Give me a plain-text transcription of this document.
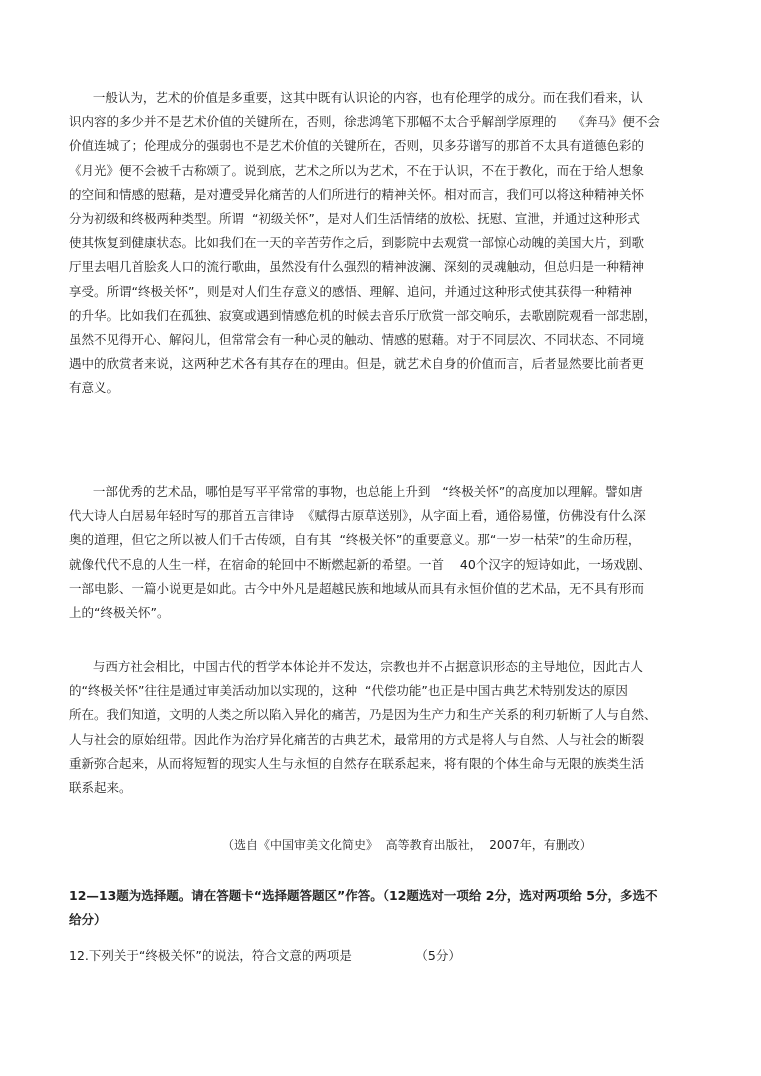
一般认为，艺术的价值是多重要，这其中既有认识论的内容，也有伦理学的成分。而在我们看来，认
识内容的多少并不是艺术价值的关键所在，否则，徐悲鸿笔下那幅不太合乎解剖学原理的    《奔马》便不会
价值连城了；伦理成分的强弱也不是艺术价值的关键所在，否则，贝多芬谱写的那首不太具有道德色彩的
《月光》便不会被千古称颂了。说到底，艺术之所以为艺术，不在于认识，不在于教化，而在于给人想象
的空间和情感的慰藉，是对遭受异化痛苦的人们所进行的精神关怀。相对而言，我们可以将这种精神关怀
分为初级和终极两种类型。所谓  “初级关怀”，是对人们生活情绪的放松、抚慰、宣泄，并通过这种形式
使其恢复到健康状态。比如我们在一天的辛苦劳作之后，到影院中去观赏一部惊心动魄的美国大片，到歌
厅里去唱几首脍炙人口的流行歌曲，虽然没有什么强烈的精神波澜、深刻的灵魂触动，但总归是一种精神
享受。所谓“终极关怀”，则是对人们生存意义的感悟、理解、追问，并通过这种形式使其获得一种精神
的升华。比如我们在孤独、寂寞或遇到情感危机的时候去音乐厅欣赏一部交响乐，去歌剧院观看一部悲剧，
虽然不见得开心、解闷儿，但常常会有一种心灵的触动、情感的慰藉。对于不同层次、不同状态、不同境
遇中的欣赏者来说，这两种艺术各有其存在的理由。但是，就艺术自身的价值而言，后者显然要比前者更
有意义。
一部优秀的艺术品，哪怕是写平平常常的事物，也总能上升到   “终极关怀”的高度加以理解。譬如唐
代大诗人白居易年轻时写的那首五言律诗  《赋得古原草送别》，从字面上看，通俗易懂，仿佛没有什么深
奥的道理，但它之所以被人们千古传颂，自有其  “终极关怀”的重要意义。那“一岁一枯荣”的生命历程，
就像代代不息的人生一样，在宿命的轮回中不断燃起新的希望。一首    40个汉字的短诗如此，一场戏剧、
一部电影、一篇小说更是如此。古今中外凡是超越民族和地域从而具有永恒价值的艺术品，无不具有形而
上的“终极关怀”。
与西方社会相比，中国古代的哲学本体论并不发达，宗教也并不占据意识形态的主导地位，因此古人
的“终极关怀”往往是通过审美活动加以实现的，这种  “代偿功能”也正是中国古典艺术特别发达的原因
所在。我们知道，文明的人类之所以陷入异化的痛苦，乃是因为生产力和生产关系的利刃斩断了人与自然、
人与社会的原始纽带。因此作为治疗异化痛苦的古典艺术，最常用的方式是将人与自然、人与社会的断裂
重新弥合起来，从而将短暂的现实人生与永恒的自然存在联系起来，将有限的个体生命与无限的族类生活
联系起来。
（选自《中国审美文化简史》  高等教育出版社，  2007年，有删改）
12—13题为选择题。请在答题卡“选择题答题区”作答。（12题选对一项给 2分，选对两项给 5分，多选不
给分）
12.下列关于“终极关怀”的说法，符合文意的两项是                （5分）
